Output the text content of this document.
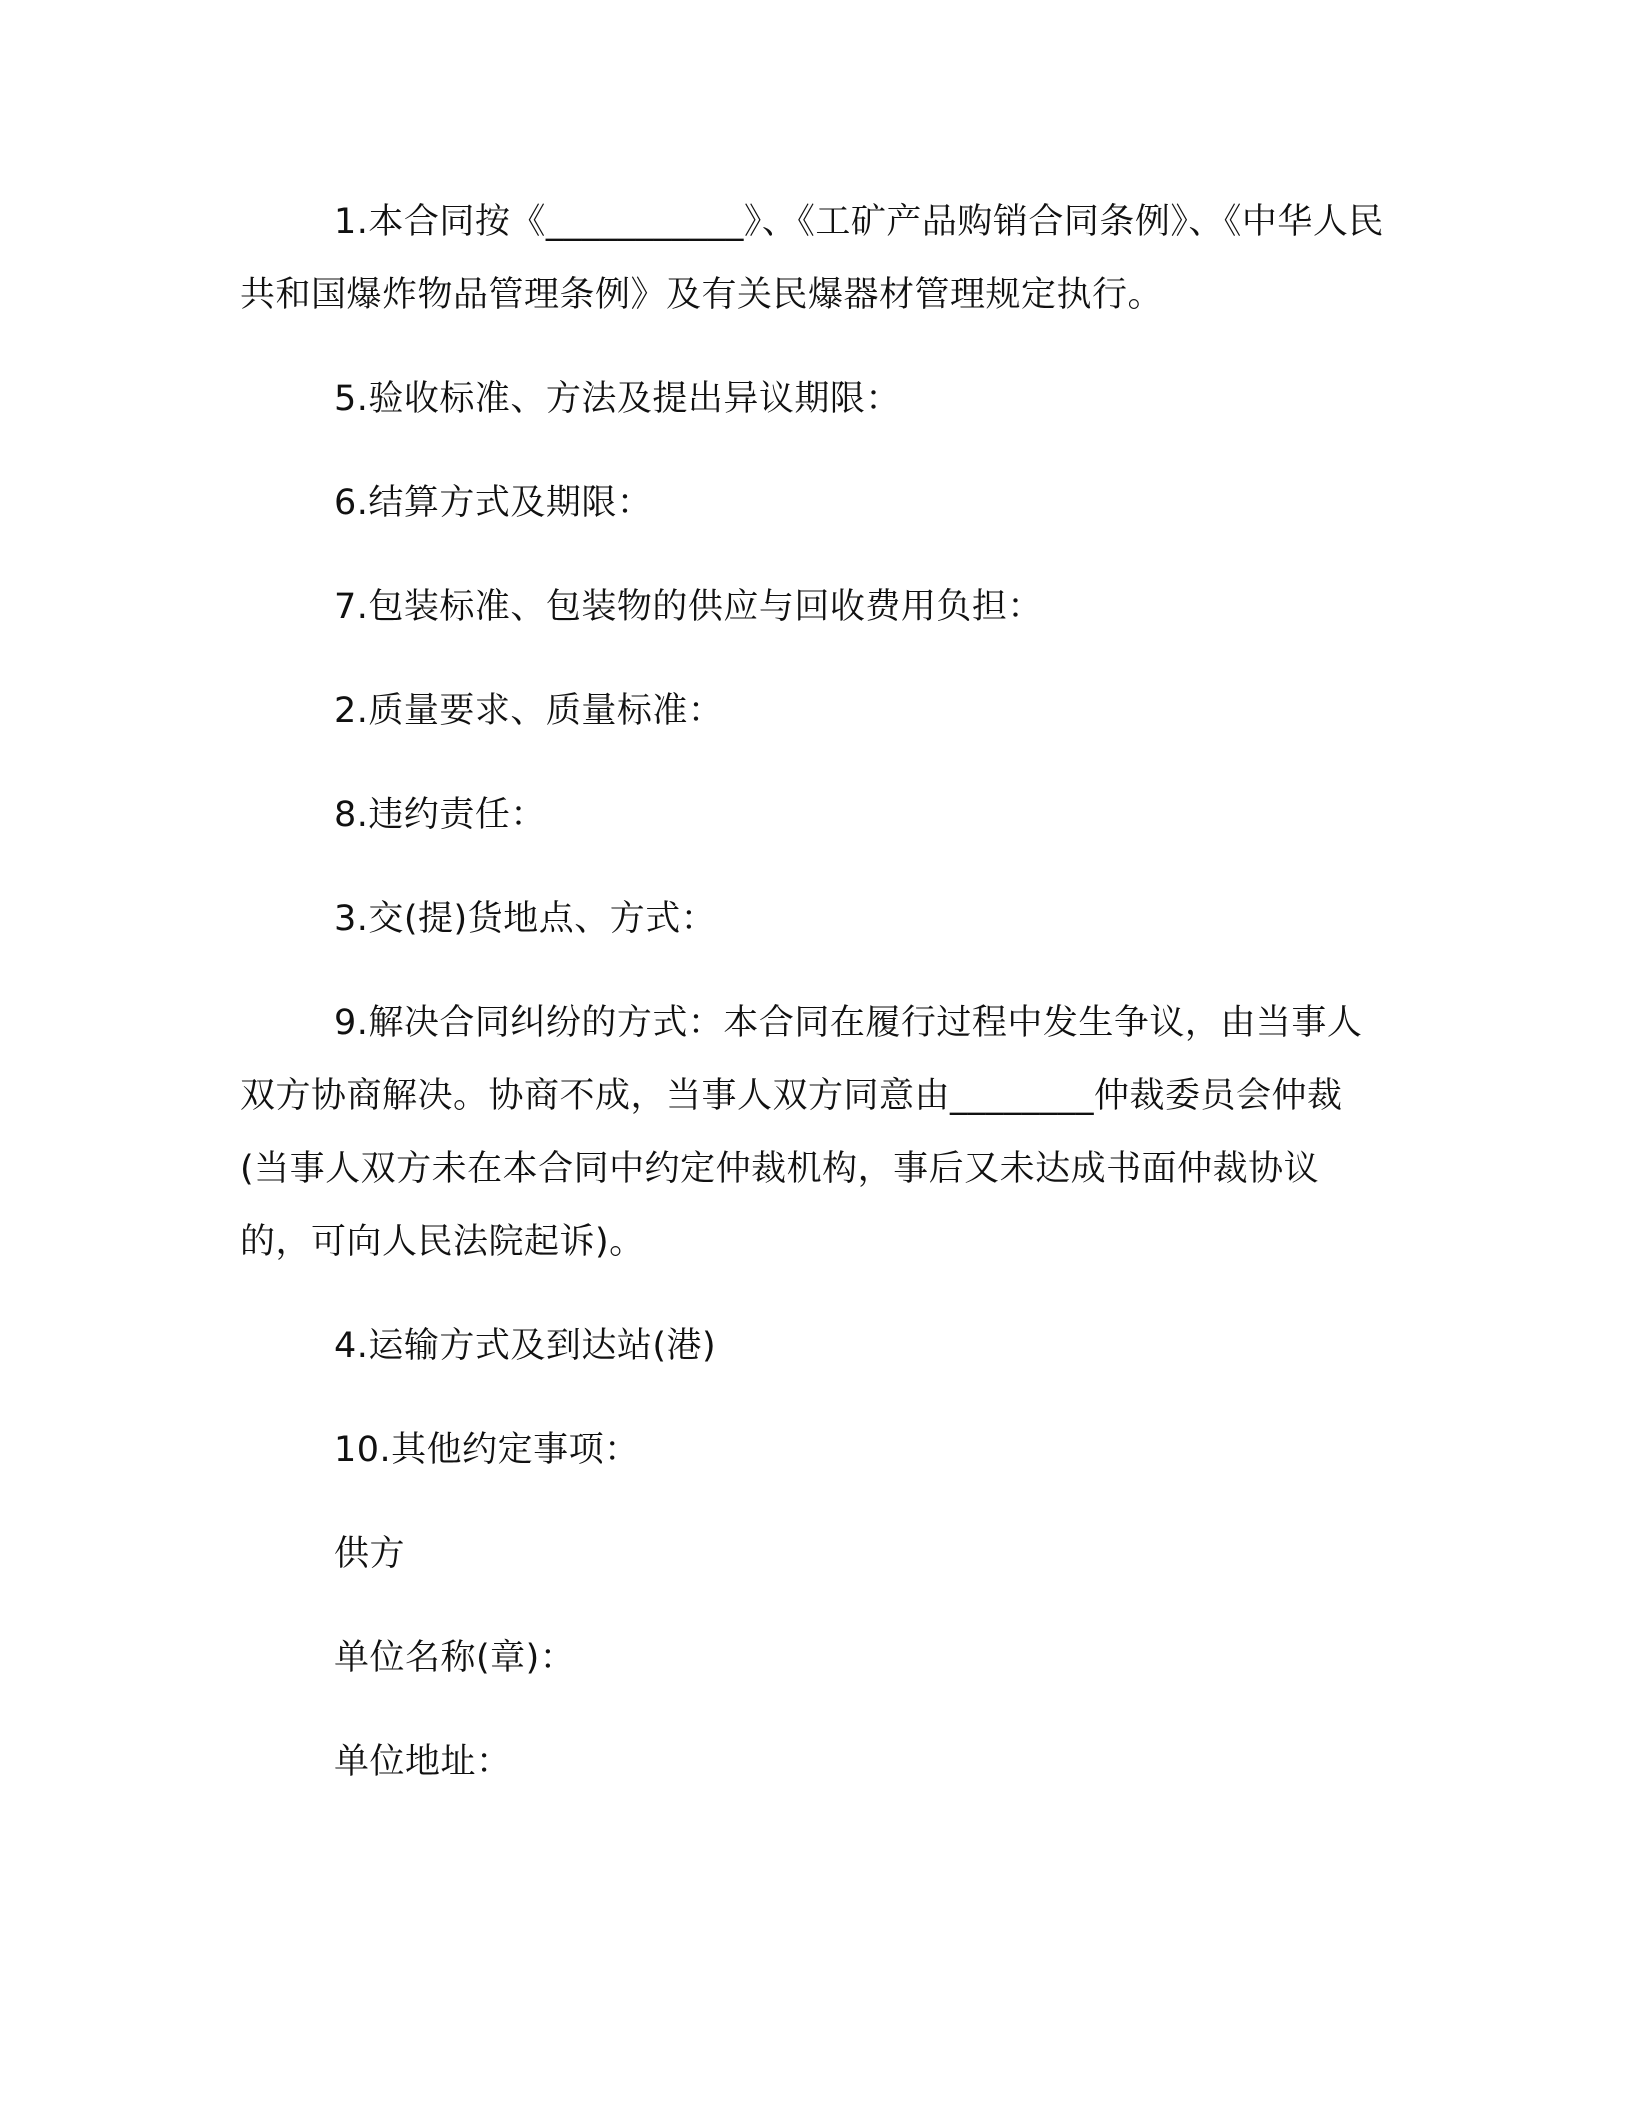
1.本合同按《___________》、《工矿产品购销合同条例》、《中华人民共和国爆炸物品管理条例》及有关民爆器材管理规定执行。

5.验收标准、方法及提出异议期限：

6.结算方式及期限：

7.包装标准、包装物的供应与回收费用负担：

2.质量要求、质量标准：

8.违约责任：

3.交(提)货地点、方式：

9.解决合同纠纷的方式：本合同在履行过程中发生争议，由当事人双方协商解决。协商不成，当事人双方同意由________仲裁委员会仲裁(当事人双方未在本合同中约定仲裁机构，事后又未达成书面仲裁协议的，可向人民法院起诉)。

4.运输方式及到达站(港)

10.其他约定事项：

供方

单位名称(章)：

单位地址：
